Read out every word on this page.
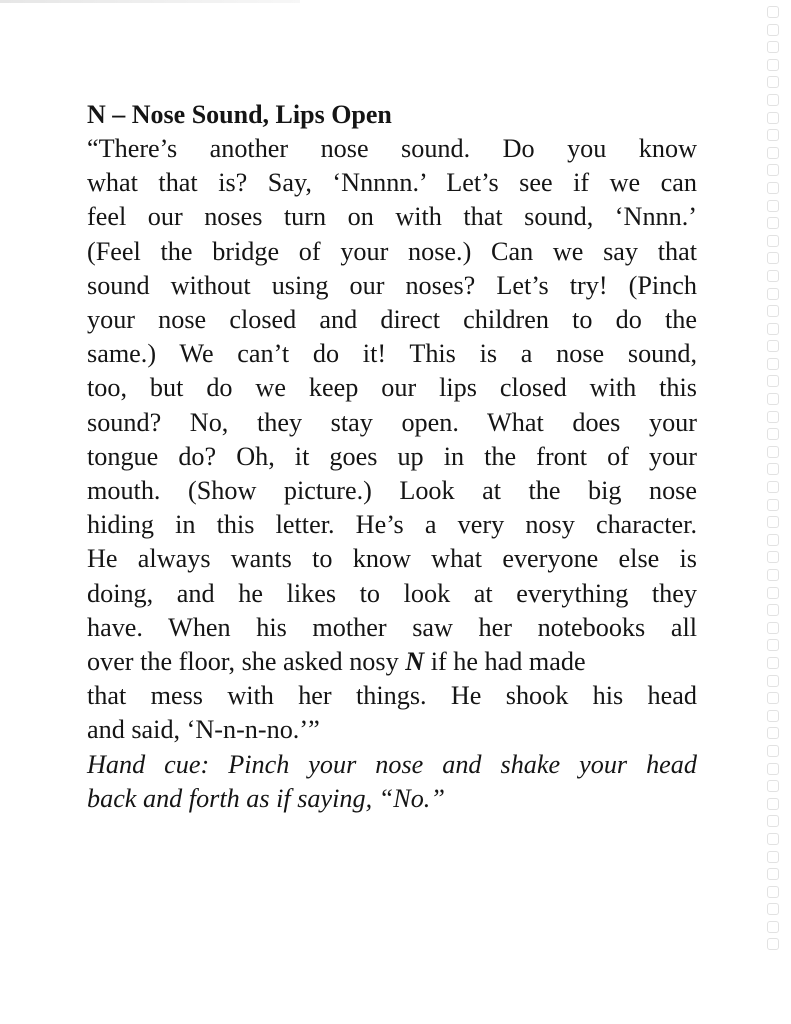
N – Nose Sound, Lips Open
“There’s another nose sound. Do you know
what that is? Say, ‘Nnnnn.’ Let’s see if we can
feel our noses turn on with that sound, ‘Nnnn.’
(Feel the bridge of your nose.) Can we say that
sound without using our noses? Let’s try! (Pinch
your nose closed and direct children to do the
same.) We can’t do it! This is a nose sound,
too, but do we keep our lips closed with this
sound? No, they stay open. What does your
tongue do? Oh, it goes up in the front of your
mouth. (Show picture.) Look at the big nose
hiding in this letter. He’s a very nosy character.
He always wants to know what everyone else is
doing, and he likes to look at everything they
have. When his mother saw her notebooks all
over the floor, she asked nosy N if he had made
that mess with her things. He shook his head
and said, ‘N-n-n-no.’”
Hand cue: Pinch your nose and shake your head
back and forth as if saying, “No.”
